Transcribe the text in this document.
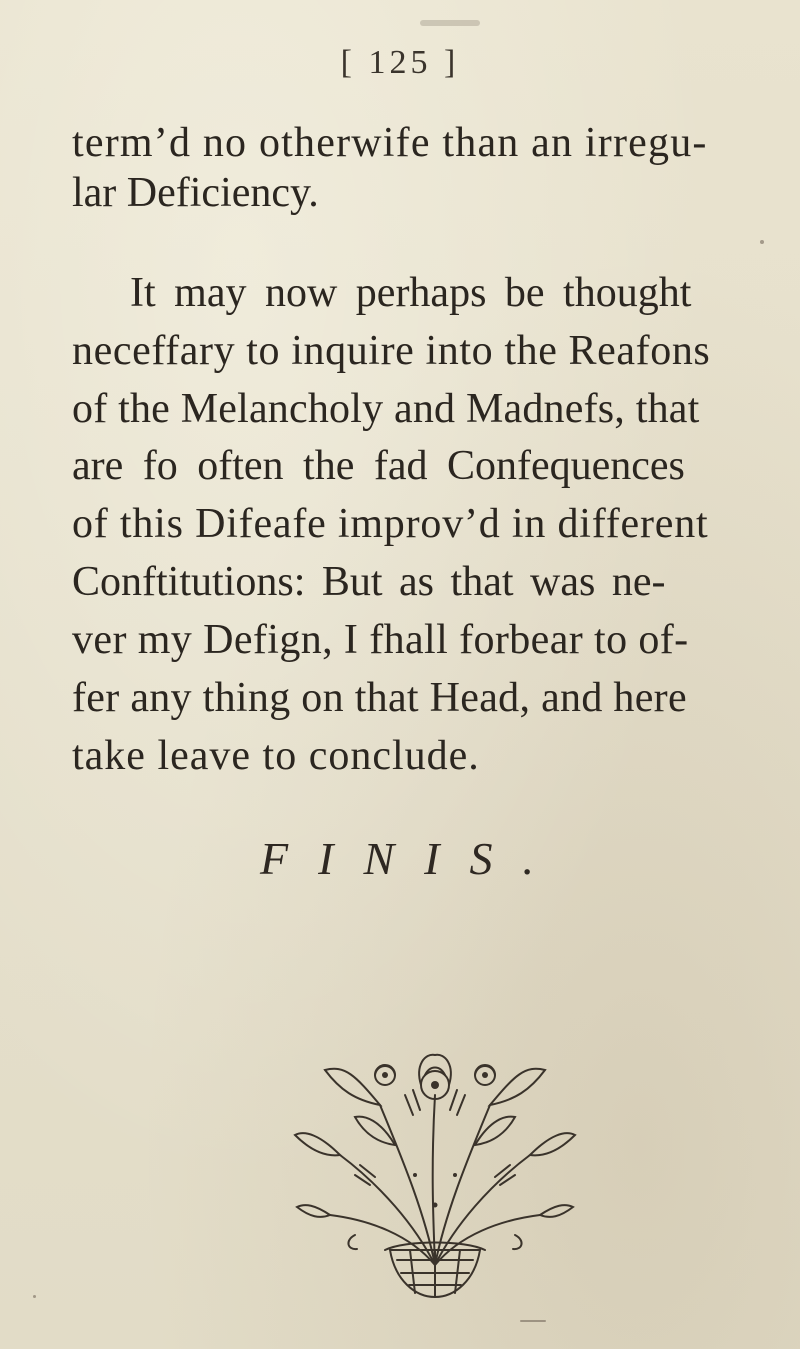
[ 125 ]
term’d no otherwife than an irregu-
lar Deficiency.
It may now perhaps be thought
neceffary to inquire into the Reafons
of the Melancholy and Madnefs, that
are fo often the fad Confequences
of this Difeafe improv’d in different
Conftitutions: But as that was ne-
ver my Defign, I fhall forbear to of-
fer any thing on that Head, and here
take leave to conclude.
FINIS.
